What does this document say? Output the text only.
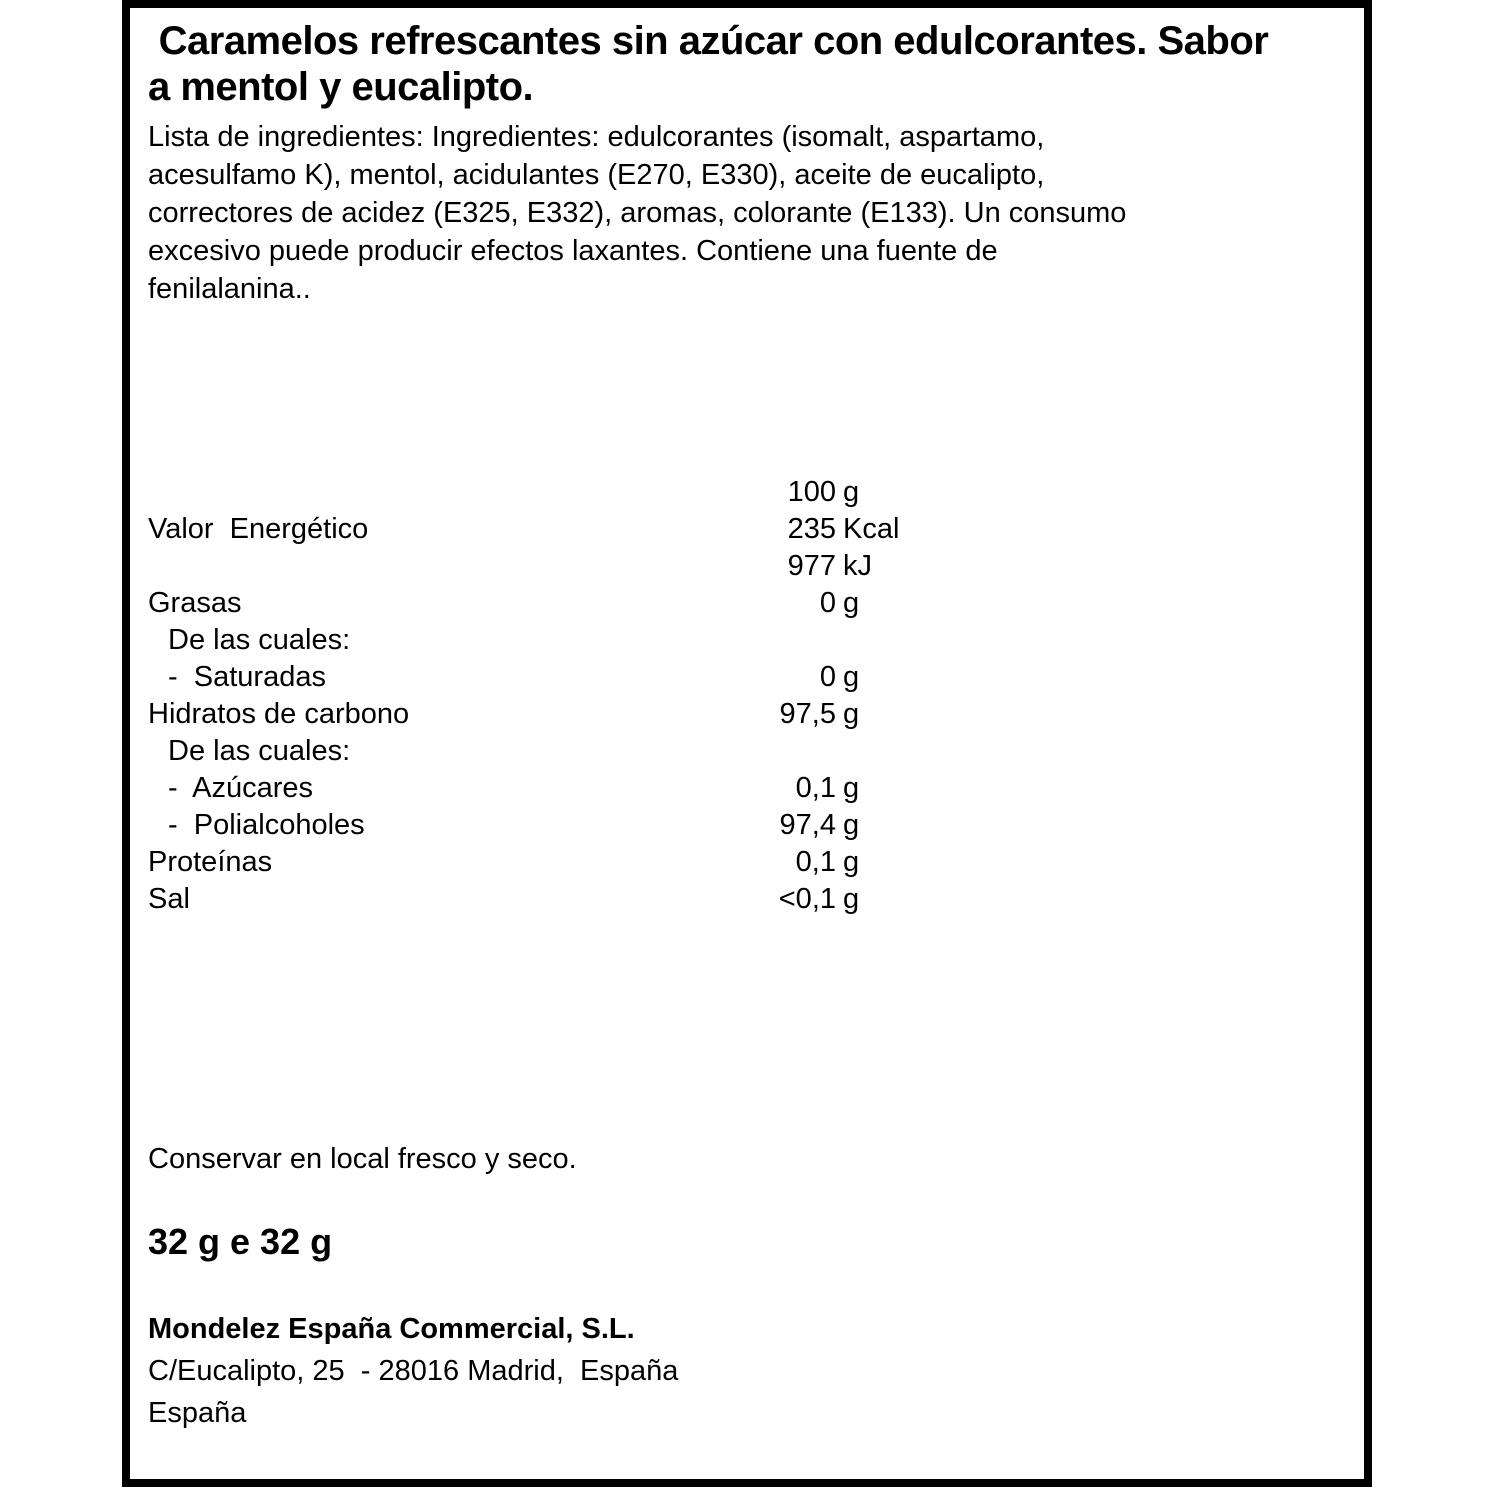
Caramelos refrescantes sin azúcar con edulcorantes. Sabor
a mentol y eucalipto.
Lista de ingredientes: Ingredientes: edulcorantes (isomalt, aspartamo,
acesulfamo K), mentol, acidulantes (E270, E330), aceite de eucalipto,
correctores de acidez (E325, E332), aromas, colorante (E133). Un consumo
excesivo puede producir efectos laxantes. Contiene una fuente de
fenilalanina..
100 g
Valor  Energético	235 Kcal
977 kJ
Grasas	0 g
De las cuales:
-  Saturadas	0 g
Hidratos de carbono	97,5 g
De las cuales:
-  Azúcares	0,1 g
-  Polialcoholes	97,4 g
Proteínas	0,1 g
Sal	<0,1 g
Conservar en local fresco y seco.
32 g e 32 g
Mondelez España Commercial, S.L.
C/Eucalipto, 25  - 28016 Madrid,  España
España
